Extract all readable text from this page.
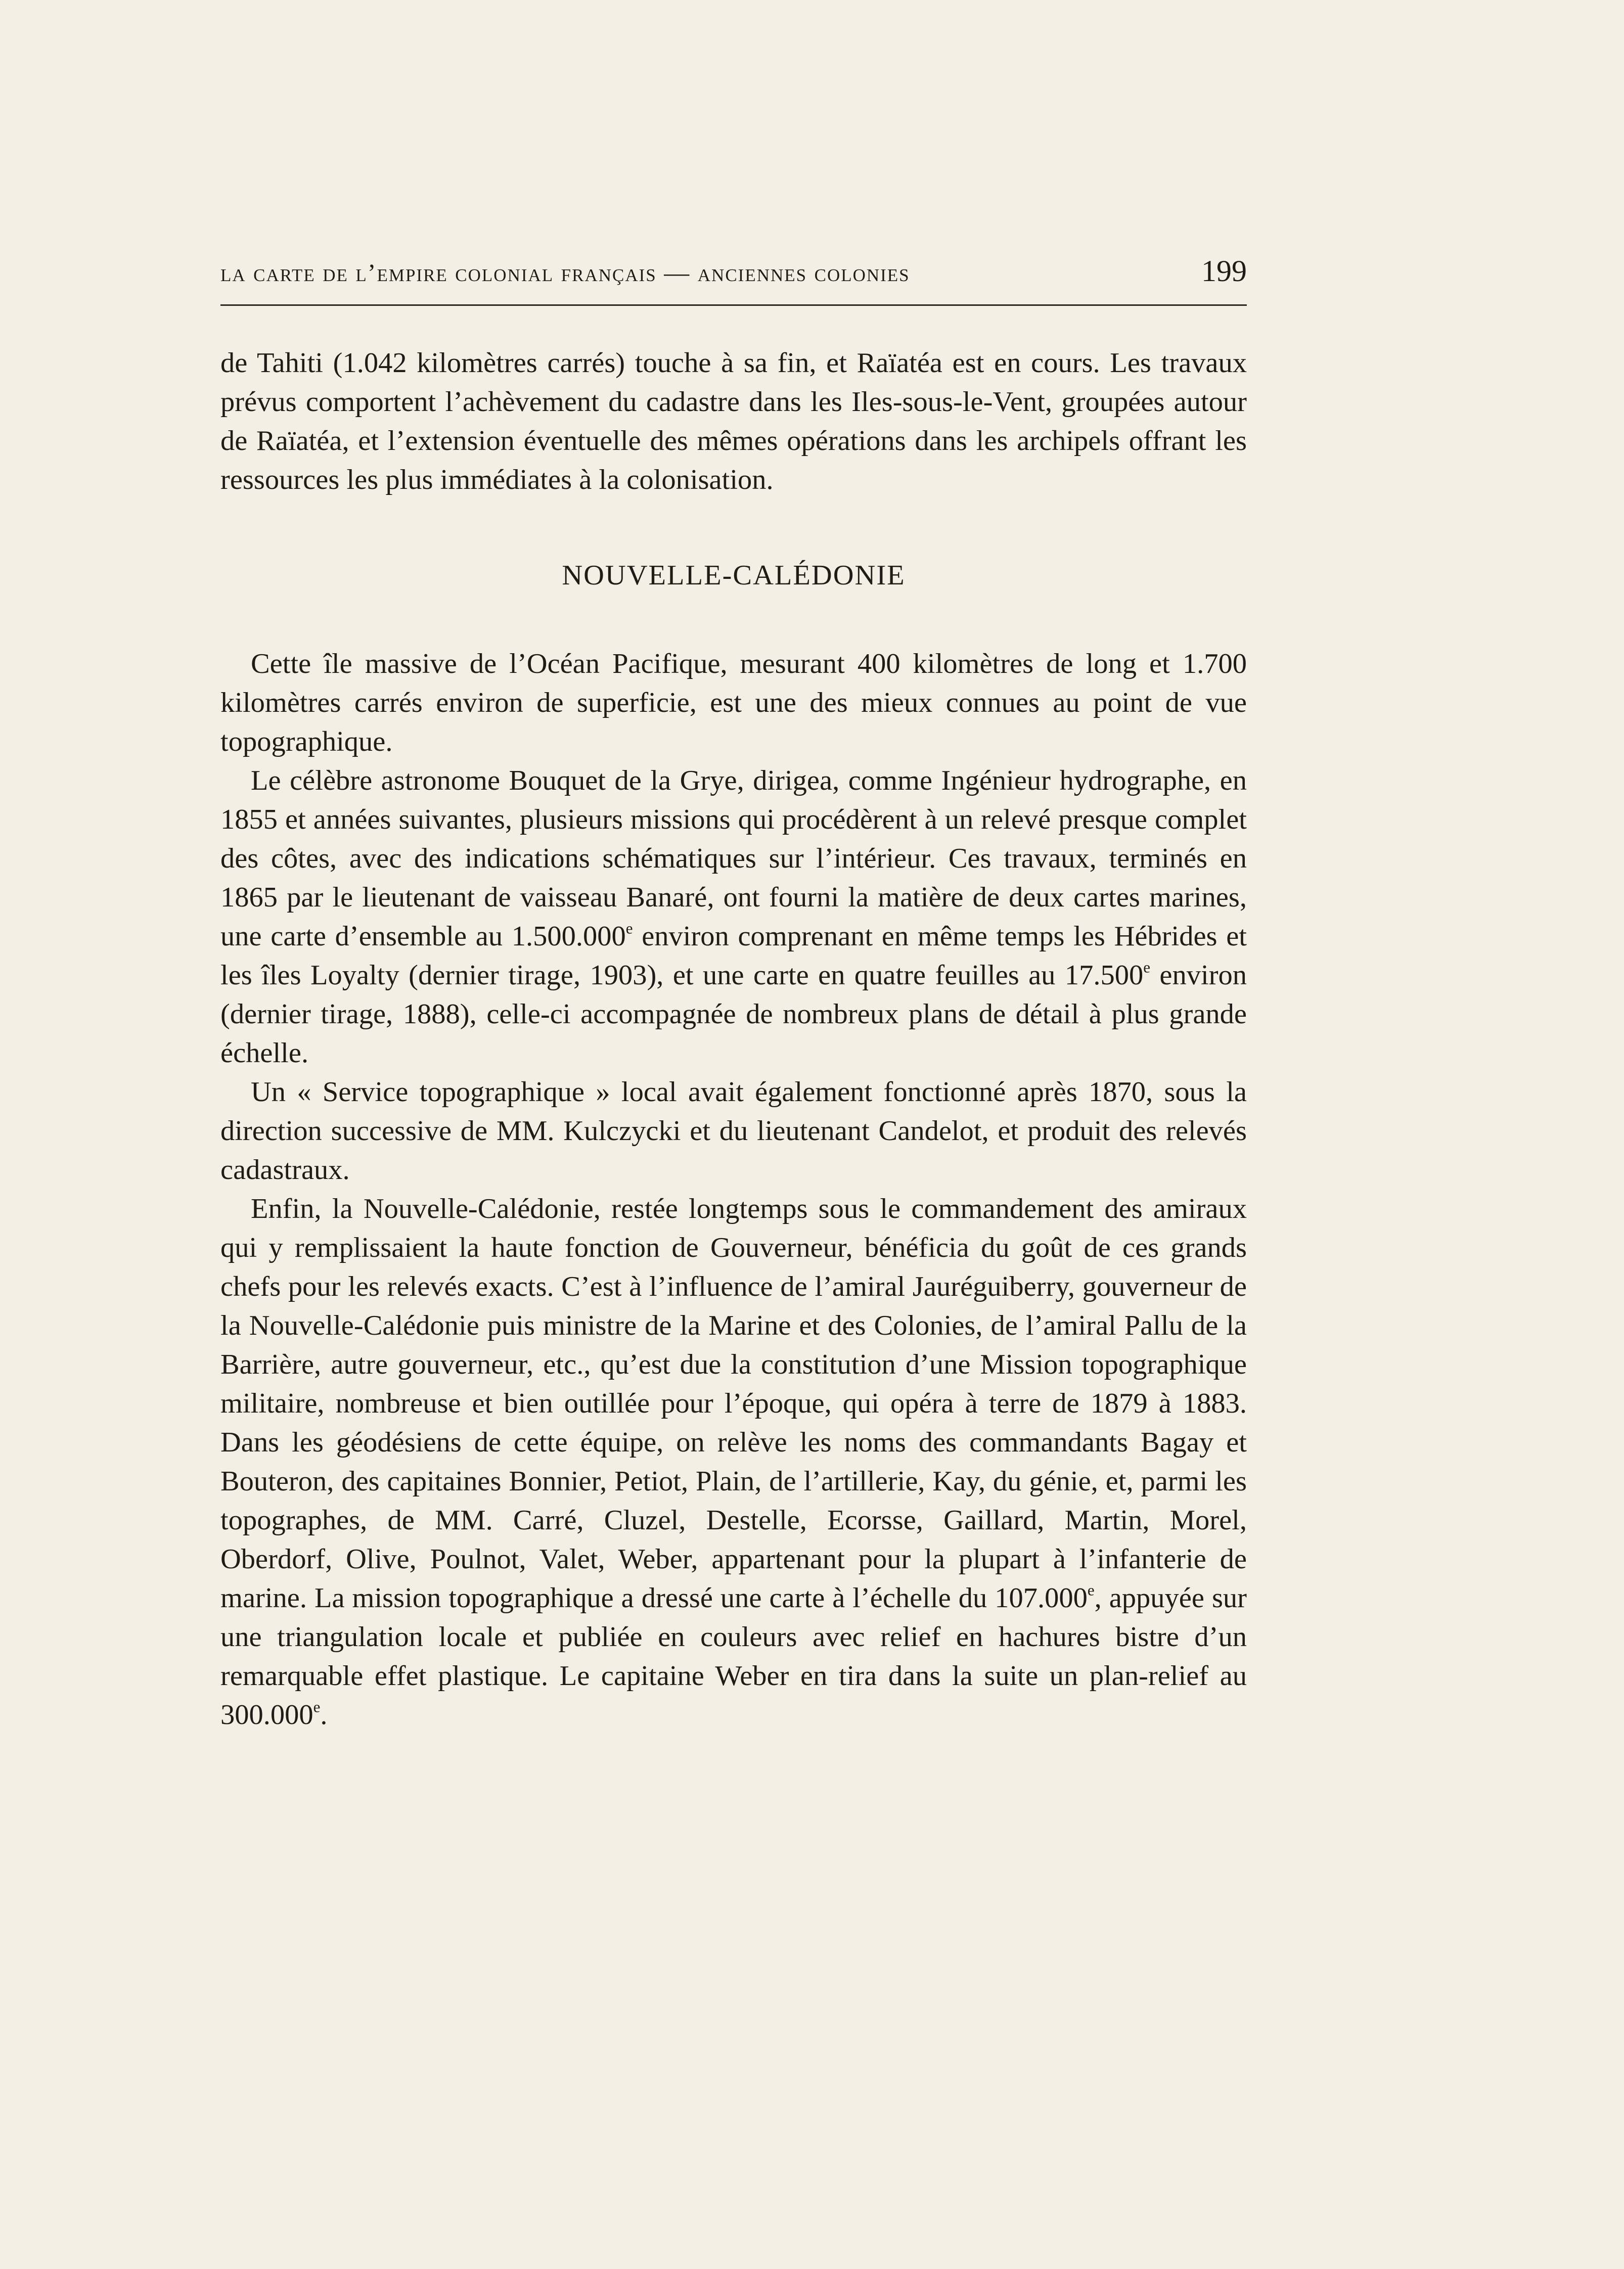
la carte de l’empire colonial français — anciennes colonies	199

de Tahiti (1.042 kilomètres carrés) touche à sa fin, et Raïatéa est en cours. Les travaux prévus comportent l’achèvement du cadastre dans les Iles-sous-le-Vent, groupées autour de Raïatéa, et l’extension éventuelle des mêmes opérations dans les archipels offrant les ressources les plus immédiates à la colonisation.

NOUVELLE-CALÉDONIE

Cette île massive de l’Océan Pacifique, mesurant 400 kilomètres de long et 1.700 kilomètres carrés environ de superficie, est une des mieux connues au point de vue topographique.

Le célèbre astronome Bouquet de la Grye, dirigea, comme Ingénieur hydrographe, en 1855 et années suivantes, plusieurs missions qui procédèrent à un relevé presque complet des côtes, avec des indications schématiques sur l’intérieur. Ces travaux, terminés en 1865 par le lieutenant de vaisseau Banaré, ont fourni la matière de deux cartes marines, une carte d’ensemble au 1.500.000e environ comprenant en même temps les Hébrides et les îles Loyalty (dernier tirage, 1903), et une carte en quatre feuilles au 17.500e environ (dernier tirage, 1888), celle-ci accompagnée de nombreux plans de détail à plus grande échelle.

Un « Service topographique » local avait également fonctionné après 1870, sous la direction successive de MM. Kulczycki et du lieutenant Candelot, et produit des relevés cadastraux.

Enfin, la Nouvelle-Calédonie, restée longtemps sous le commandement des amiraux qui y remplissaient la haute fonction de Gouverneur, bénéficia du goût de ces grands chefs pour les relevés exacts. C’est à l’influence de l’amiral Jauréguiberry, gouverneur de la Nouvelle-Calédonie puis ministre de la Marine et des Colonies, de l’amiral Pallu de la Barrière, autre gouverneur, etc., qu’est due la constitution d’une Mission topographique militaire, nombreuse et bien outillée pour l’époque, qui opéra à terre de 1879 à 1883. Dans les géodésiens de cette équipe, on relève les noms des commandants Bagay et Bouteron, des capitaines Bonnier, Petiot, Plain, de l’artillerie, Kay, du génie, et, parmi les topographes, de MM. Carré, Cluzel, Destelle, Ecorsse, Gaillard, Martin, Morel, Oberdorf, Olive, Poulnot, Valet, Weber, appartenant pour la plupart à l’infanterie de marine. La mission topographique a dressé une carte à l’échelle du 107.000e, appuyée sur une triangulation locale et publiée en couleurs avec relief en hachures bistre d’un remarquable effet plastique. Le capitaine Weber en tira dans la suite un plan-relief au 300.000e.
